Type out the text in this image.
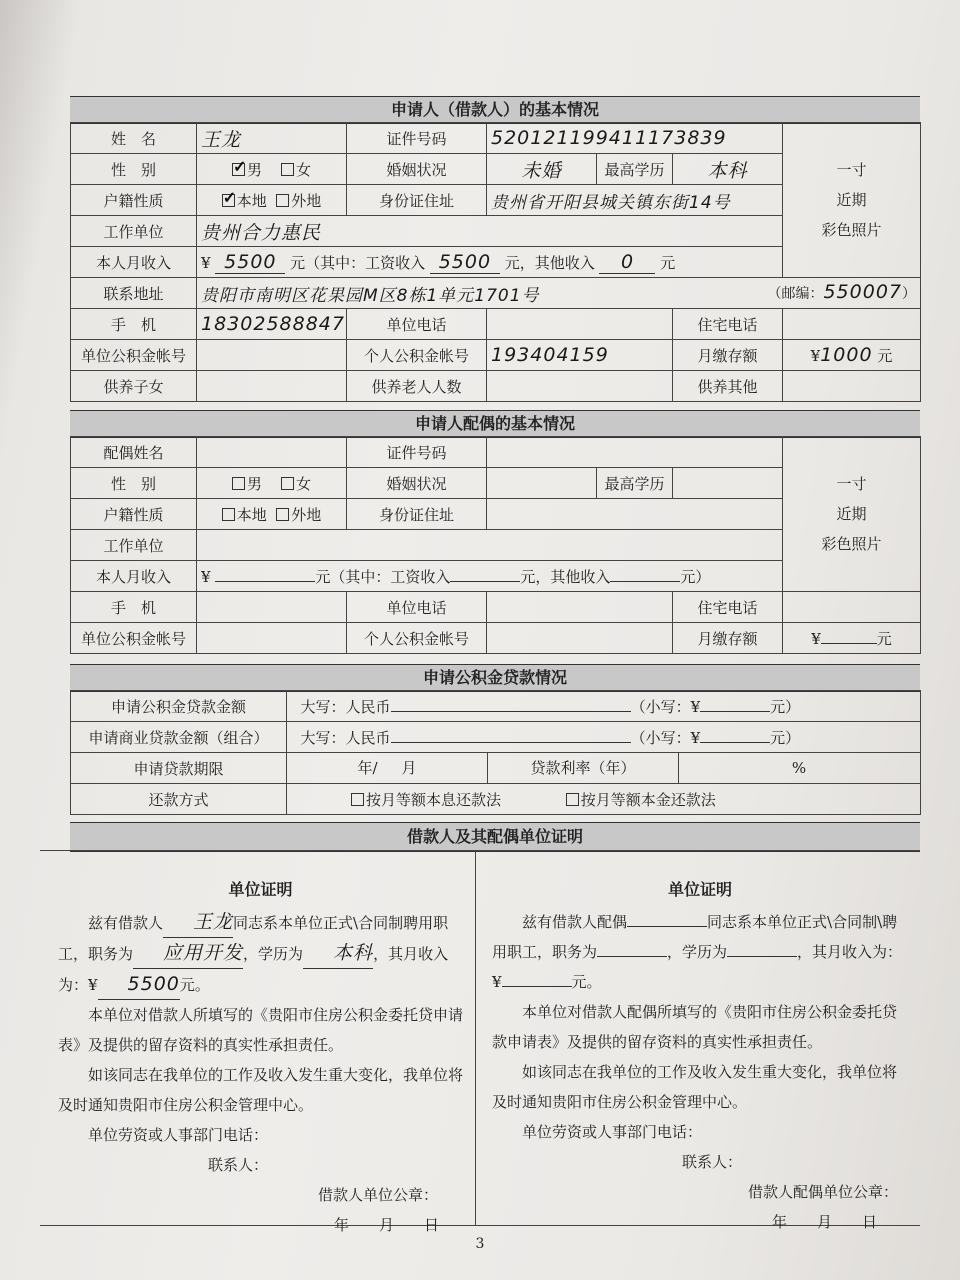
申请人（借款人）的基本情况
姓　名	王龙	证件号码	520121199411173839			一寸
近期
彩色照片

性　别	✓男 女	婚姻状况	未婚	最高学历	本科	
户籍性质	✓本地 外地	身份证住址	贵州省开阳县城关镇东街14号			
工作单位	贵州合力惠民					
本人月收入	¥ 5500 元（其中：工资收入 5500 元，其他收入 0 元					
联系地址	贵阳市南明区花果园M区8栋1单元1701号 （邮编：550007）					

手　机	18302588847	单位电话			住宅电话	
单位公积金帐号		个人公积金帐号	193404159		月缴存额	¥1000 元
供养子女		供养老人人数			供养其他	
申请人配偶的基本情况
配偶姓名		证件号码				一寸
近期
彩色照片

性　别	男 女	婚姻状况		最高学历		
户籍性质	本地 外地	身份证住址				
工作单位						
本人月收入	¥ 元（其中：工资收入 元，其他收入 元）					
手　机		单位电话			住宅电话	
单位公积金帐号		个人公积金帐号			月缴存额	¥ 元
申请公积金贷款情况
申请公积金贷款金额	大写：人民币 （小写：¥ 元）
申请商业贷款金额（组合）	大写：人民币 （小写：¥ 元）
申请贷款期限	年/ 月 贷款利率（年） %
还款方式	按月等额本息还款法 按月等额本金还款法
借款人及其配偶单位证明
单位证明

兹有借款人 王龙同志系本单位正式\合同制聘用职工，职务为 应用开发，学历为 本科，其月收入为：¥ 5500元。

本单位对借款人所填写的《贵阳市住房公积金委托贷申请表》及提供的留存资料的真实性承担责任。

如该同志在我单位的工作及收入发生重大变化，我单位将及时通知贵阳市住房公积金管理中心。

单位劳资或人事部门电话：

联系人：

借款人单位公章：

年　　月　　日

单位证明

兹有借款人配偶	同志系本单位正式\合同制\聘用职工，职务为	，学历为	，其月收入为：¥	元。

本单位对借款人配偶所填写的《贵阳市住房公积金委托贷款申请表》及提供的留存资料的真实性承担责任。

如该同志在我单位的工作及收入发生重大变化，我单位将及时通知贵阳市住房公积金管理中心。

单位劳资或人事部门电话：

联系人：

借款人配偶单位公章：

年　　月　　日

3
